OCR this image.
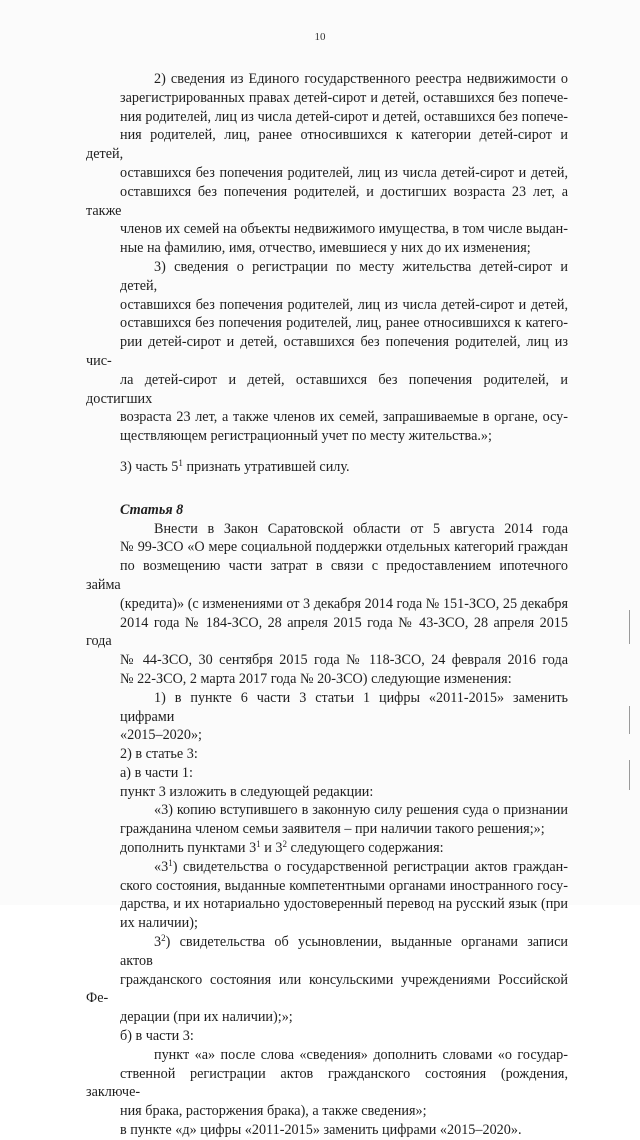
10

2) сведения из Единого государственного реестра недвижимости о
зарегистрированных правах детей-сирот и детей, оставшихся без попече-
ния родителей, лиц из числа детей-сирот и детей, оставшихся без попече-
ния родителей, лиц, ранее относившихся к категории детей-сирот и детей,
оставшихся без попечения родителей, лиц из числа детей-сирот и детей,
оставшихся без попечения родителей, и достигших возраста 23 лет, а также
членов их семей на объекты недвижимого имущества, в том числе выдан-
ные на фамилию, имя, отчество, имевшиеся у них до их изменения;

3) сведения о регистрации по месту жительства детей-сирот и детей,
оставшихся без попечения родителей, лиц из числа детей-сирот и детей,
оставшихся без попечения родителей, лиц, ранее относившихся к катего-
рии детей-сирот и детей, оставшихся без попечения родителей, лиц из чис-
ла детей-сирот и детей, оставшихся без попечения родителей, и достигших
возраста 23 лет, а также членов их семей, запрашиваемые в органе, осу-
ществляющем регистрационный учет по месту жительства.»;

3) часть $5^1$ признать утратившей силу.

Статья 8

Внести в Закон Саратовской области от 5 августа 2014 года
№ 99-ЗСО «О мере социальной поддержки отдельных категорий граждан
по возмещению части затрат в связи с предоставлением ипотечного займа
(кредита)» (с изменениями от 3 декабря 2014 года № 151-ЗСО, 25 декабря
2014 года № 184-ЗСО, 28 апреля 2015 года № 43-ЗСО, 28 апреля 2015 года
№ 44-ЗСО, 30 сентября 2015 года № 118-ЗСО, 24 февраля 2016 года
№ 22-ЗСО, 2 марта 2017 года № 20-ЗСО) следующие изменения:

1) в пункте 6 части 3 статьи 1 цифры «2011-2015» заменить цифрами
«2015–2020»;

2) в статье 3:

а) в части 1:

пункт 3 изложить в следующей редакции:

«3) копию вступившего в законную силу решения суда о признании
гражданина членом семьи заявителя – при наличии такого решения;»;

дополнить пунктами $3^1$ и $3^2$ следующего содержания:

«$3^1$) свидетельства о государственной регистрации актов граждан-
ского состояния, выданные компетентными органами иностранного госу-
дарства, и их нотариально удостоверенный перевод на русский язык (при
их наличии);

$3^2$) свидетельства об усыновлении, выданные органами записи актов
гражданского состояния или консульскими учреждениями Российской Фе-
дерации (при их наличии);»;

б) в части 3:

пункт «а» после слова «сведения» дополнить словами «о государ-
ственной регистрации актов гражданского состояния (рождения, заключе-
ния брака, расторжения брака), а также сведения»;

в пункте «д» цифры «2011-2015» заменить цифрами «2015–2020».
